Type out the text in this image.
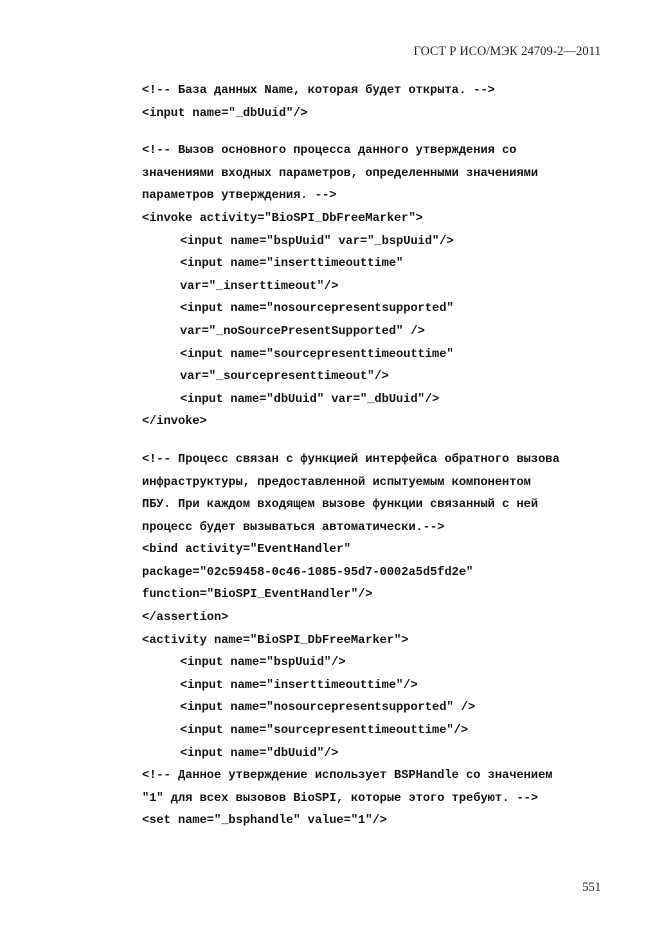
ГОСТ Р ИСО/МЭК 24709-2—2011
<!-- База данных Name, которая будет открыта. -->
<input name="_dbUuid"/>
<!-- Вызов основного процесса данного утверждения со
значениями входных параметров, определенными значениями
параметров утверждения. -->
<invoke activity="BioSPI_DbFreeMarker">
<input name="bspUuid" var="_bspUuid"/>
<input name="inserttimeouttime"
var="_inserttimeout"/>
<input name="nosourcepresentsupported"
var="_noSourcePresentSupported" />
<input name="sourcepresenttimeouttime"
var="_sourcepresenttimeout"/>
<input name="dbUuid" var="_dbUuid"/>
</invoke>
<!-- Процесс связан с функцией интерфейса обратного вызова
инфраструктуры, предоставленной испытуемым компонентом
ПБУ. При каждом входящем вызове функции связанный с ней
процесс будет вызываться автоматически.-->
<bind activity="EventHandler"
package="02c59458-0c46-1085-95d7-0002a5d5fd2e"
function="BioSPI_EventHandler"/>
</assertion>
<activity name="BioSPI_DbFreeMarker">
<input name="bspUuid"/>
<input name="inserttimeouttime"/>
<input name="nosourcepresentsupported" />
<input name="sourcepresenttimeouttime"/>
<input name="dbUuid"/>
<!-- Данное утверждение использует BSPHandle со значением
"1" для всех вызовов BioSPI, которые этого требуют. -->
<set name="_bsphandle" value="1"/>
551
